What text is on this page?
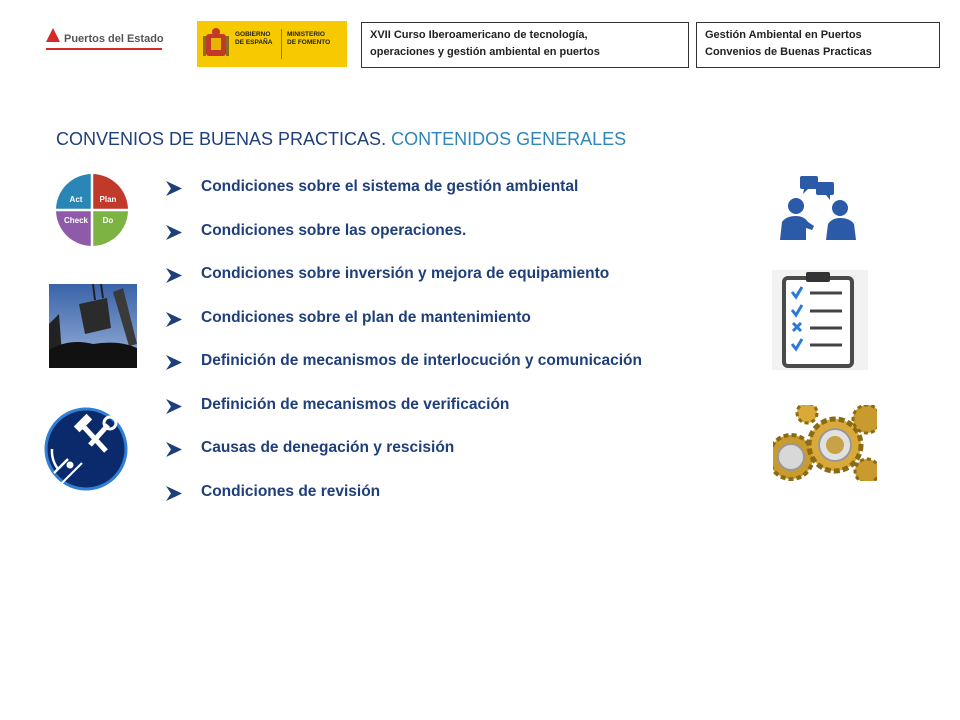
Puertos del Estado	GOBIERNO
DE ESPAÑA
MINISTERIO
DE FOMENTO
XVII Curso Iberoamericano de tecnología,
operaciones y gestión ambiental en puertos
Gestión Ambiental en Puertos
Convenios de Buenas Practicas
CONVENIOS DE BUENAS PRACTICAS. CONTENIDOS GENERALES
Condiciones sobre el sistema de gestión ambiental
Condiciones sobre las operaciones.
Condiciones sobre inversión y mejora de equipamiento
Condiciones sobre el plan de mantenimiento
Definición de mecanismos de interlocución y comunicación
Definición de mecanismos de verificación
Causas de denegación y rescisión
Condiciones de revisión
Act Plan
Check Do
